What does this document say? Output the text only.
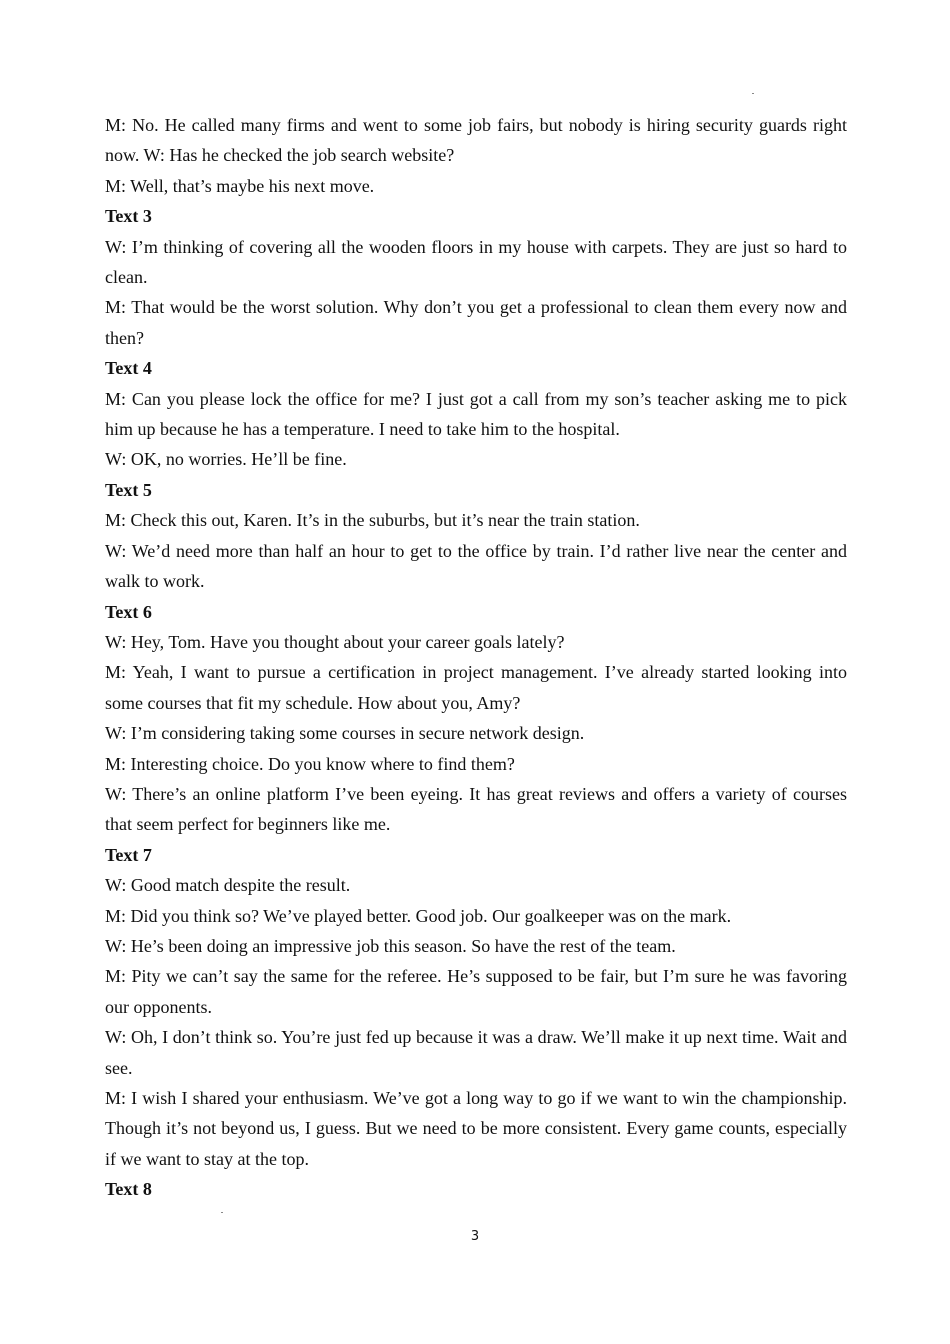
M: No. He called many firms and went to some job fairs, but nobody is hiring security guards right now. W: Has he checked the job search website?

M: Well, that’s maybe his next move.

Text 3

W: I’m thinking of covering all the wooden floors in my house with carpets. They are just so hard to clean.

M: That would be the worst solution. Why don’t you get a professional to clean them every now and then?

Text 4

M: Can you please lock the office for me? I just got a call from my son’s teacher asking me to pick him up because he has a temperature. I need to take him to the hospital.

W: OK, no worries. He’ll be fine.

Text 5

M: Check this out, Karen. It’s in the suburbs, but it’s near the train station.

W: We’d need more than half an hour to get to the office by train. I’d rather live near the center and walk to work.

Text 6

W: Hey, Tom. Have you thought about your career goals lately?

M: Yeah, I want to pursue a certification in project management. I’ve already started looking into some courses that fit my schedule. How about you, Amy?

W: I’m considering taking some courses in secure network design.

M: Interesting choice. Do you know where to find them?

W: There’s an online platform I’ve been eyeing. It has great reviews and offers a variety of courses that seem perfect for beginners like me.

Text 7

W: Good match despite the result.

M: Did you think so? We’ve played better. Good job. Our goalkeeper was on the mark.

W: He’s been doing an impressive job this season. So have the rest of the team.

M: Pity we can’t say the same for the referee. He’s supposed to be fair, but I’m sure he was favoring our opponents.

W: Oh, I don’t think so. You’re just fed up because it was a draw. We’ll make it up next time. Wait and see.

M: I wish I shared your enthusiasm. We’ve got a long way to go if we want to win the championship. Though it’s not beyond us, I guess. But we need to be more consistent. Every game counts, especially if we want to stay at the top.

Text 8

3
